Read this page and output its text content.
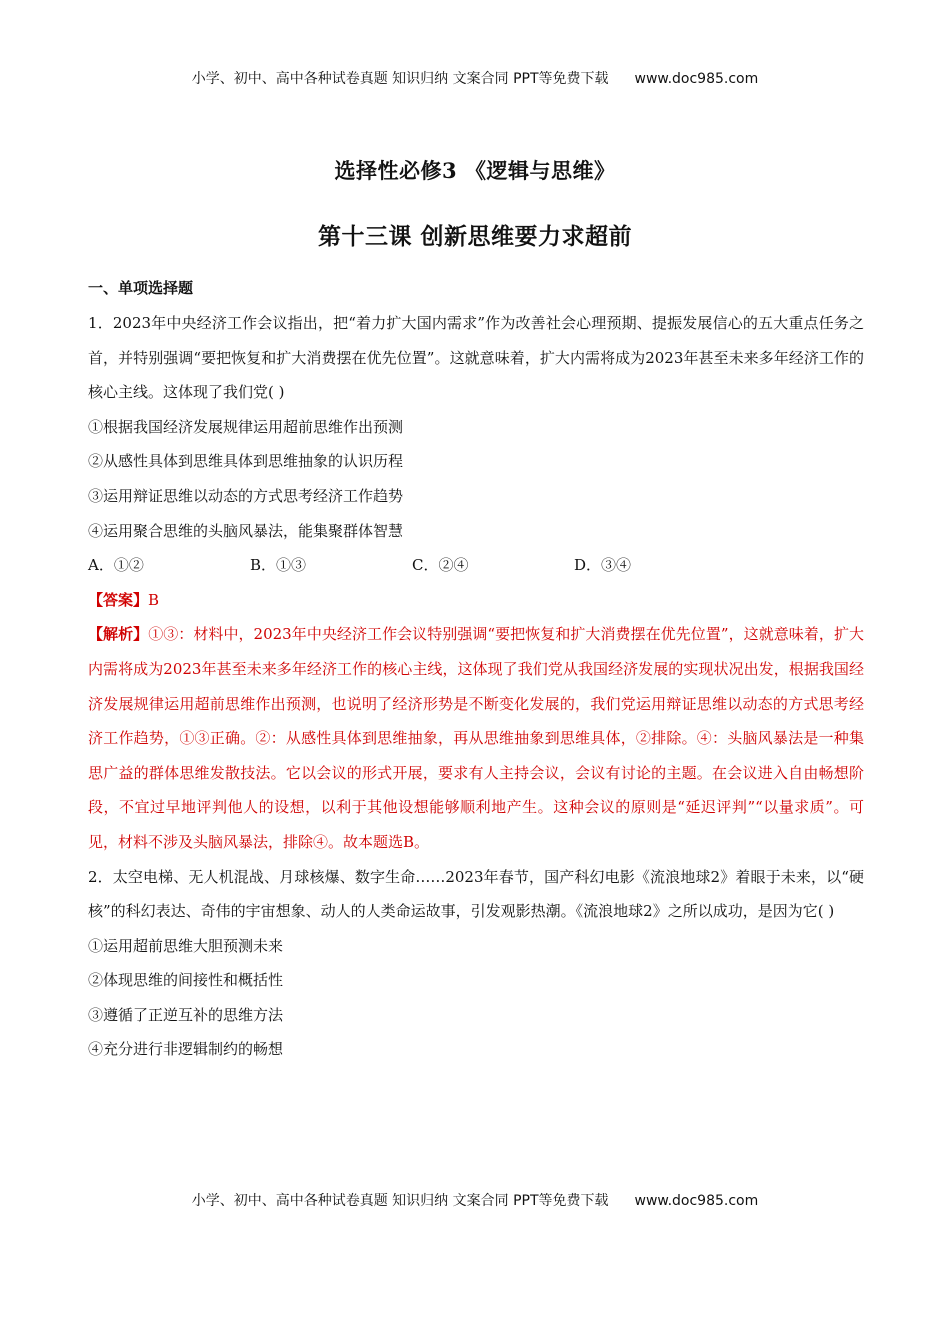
小学、初中、高中各种试卷真题 知识归纳 文案合同 PPT等免费下载 www.doc985.com
选择性必修3 《逻辑与思维》
第十三课 创新思维要力求超前

一、单项选择题

1．2023年中央经济工作会议指出，把“着力扩大国内需求”作为改善社会心理预期、提振发展信心的五大重点任务之首，并特别强调“要把恢复和扩大消费摆在优先位置”。这就意味着，扩大内需将成为2023年甚至未来多年经济工作的核心主线。这体现了我们党( )

①根据我国经济发展规律运用超前思维作出预测

②从感性具体到思维具体到思维抽象的认识历程

③运用辩证思维以动态的方式思考经济工作趋势

④运用聚合思维的头脑风暴法，能集聚群体智慧

A．①②	B．①③	C．②④	D．③④
【答案】B

【解析】①③：材料中，2023年中央经济工作会议特别强调“要把恢复和扩大消费摆在优先位置”，这就意味着，扩大内需将成为2023年甚至未来多年经济工作的核心主线，这体现了我们党从我国经济发展的实现状况出发，根据我国经济发展规律运用超前思维作出预测，也说明了经济形势是不断变化发展的，我们党运用辩证思维以动态的方式思考经济工作趋势，①③正确。②：从感性具体到思维抽象，再从思维抽象到思维具体，②排除。④：头脑风暴法是一种集思广益的群体思维发散技法。它以会议的形式开展，要求有人主持会议，会议有讨论的主题。在会议进入自由畅想阶段，不宜过早地评判他人的设想，以利于其他设想能够顺利地产生。这种会议的原则是“延迟评判”“以量求质”。可见，材料不涉及头脑风暴法，排除④。故本题选B。

2．太空电梯、无人机混战、月球核爆、数字生命……2023年春节，国产科幻电影《流浪地球2》着眼于未来，以“硬核”的科幻表达、奇伟的宇宙想象、动人的人类命运故事，引发观影热潮。《流浪地球2》之所以成功，是因为它( )

①运用超前思维大胆预测未来

②体现思维的间接性和概括性

③遵循了正逆互补的思维方法

④充分进行非逻辑制约的畅想

小学、初中、高中各种试卷真题 知识归纳 文案合同 PPT等免费下载 www.doc985.com
